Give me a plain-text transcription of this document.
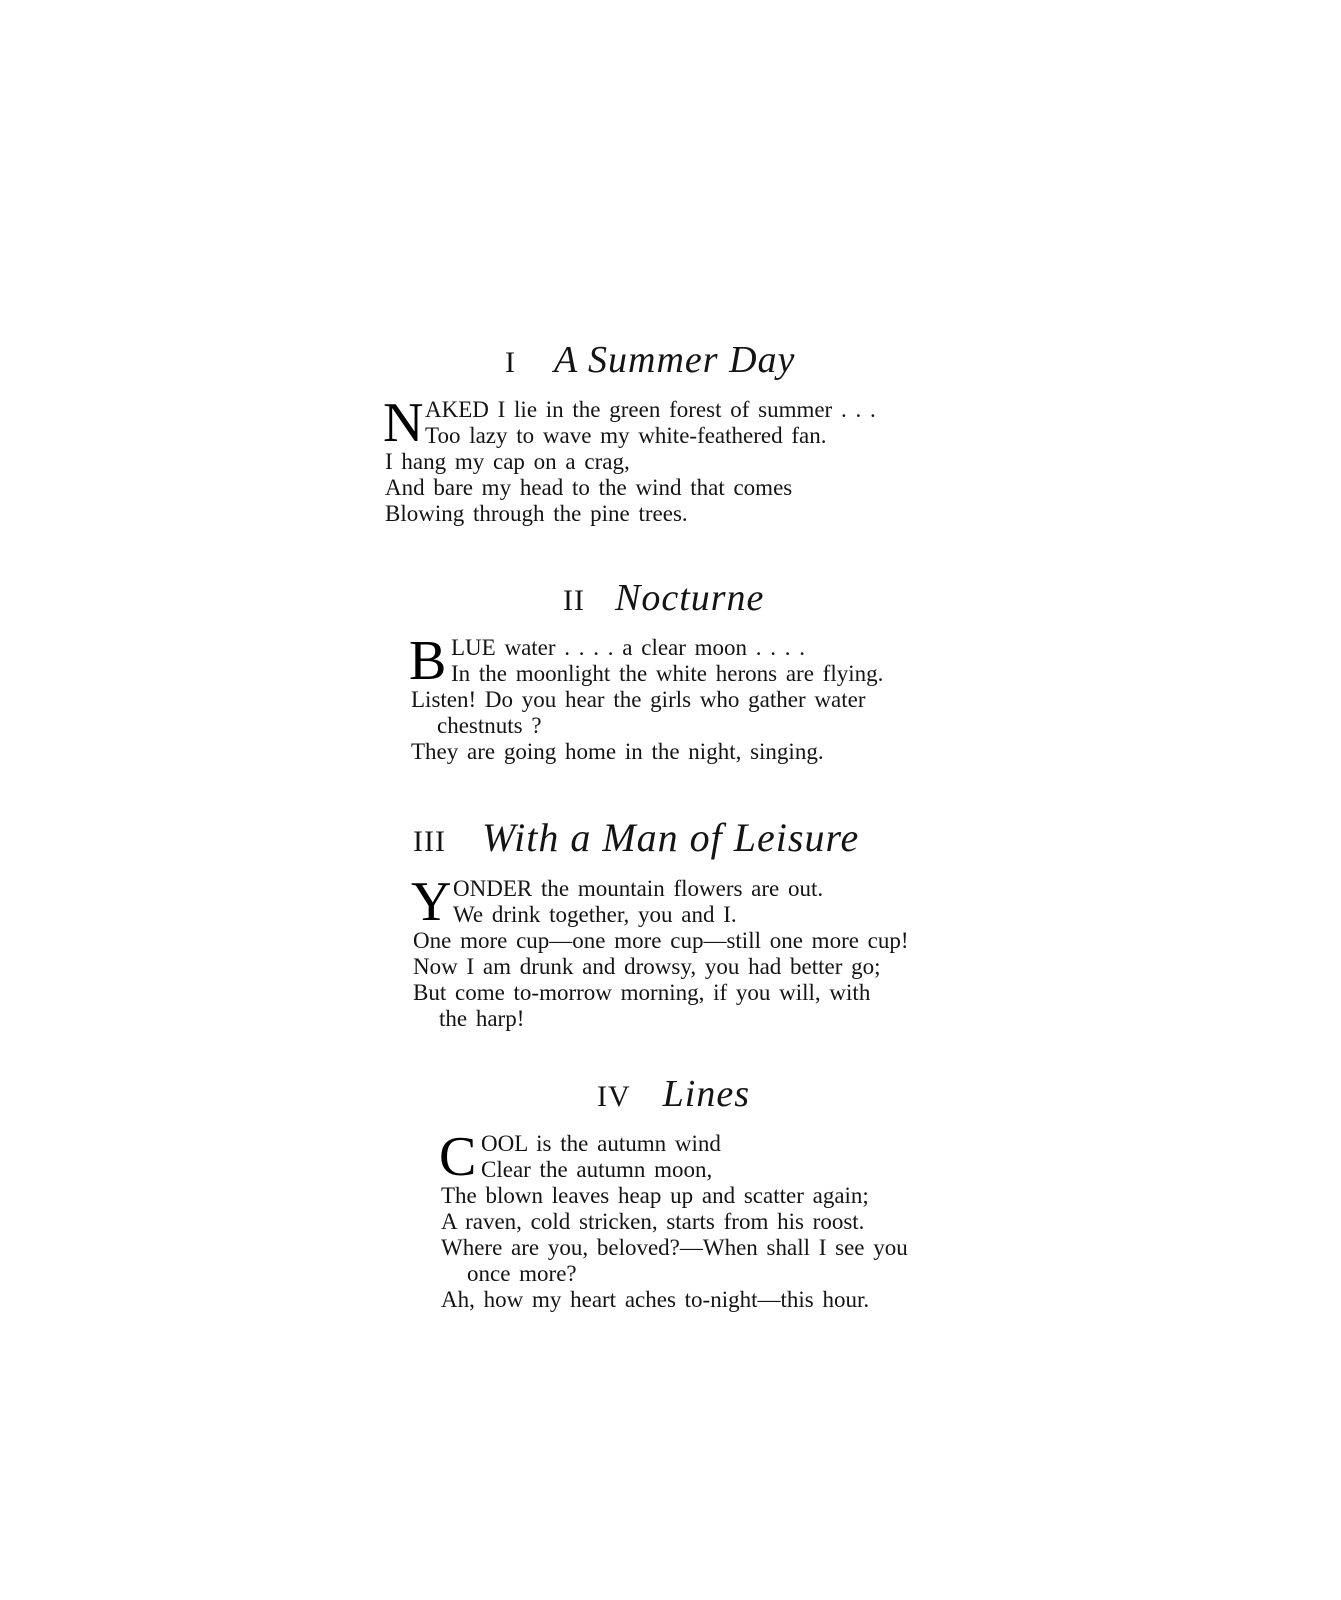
I A Summer Day
N AKED I lie in the green forest of summer . . .
Too lazy to wave my white-feathered fan.
I hang my cap on a crag,
And bare my head to the wind that comes
Blowing through the pine trees.
II Nocturne
B LUE water . . . . a clear moon . . . .
In the moonlight the white herons are flying.
Listen! Do you hear the girls who gather water
chestnuts ?
They are going home in the night, singing.
III With a Man of Leisure
Y ONDER the mountain flowers are out.
We drink together, you and I.
One more cup—one more cup—still one more cup!
Now I am drunk and drowsy, you had better go;
But come to-morrow morning, if you will, with
the harp!
IV Lines
C OOL is the autumn wind
Clear the autumn moon,
The blown leaves heap up and scatter again;
A raven, cold stricken, starts from his roost.
Where are you, beloved?—When shall I see you
once more?
Ah, how my heart aches to-night—this hour.
